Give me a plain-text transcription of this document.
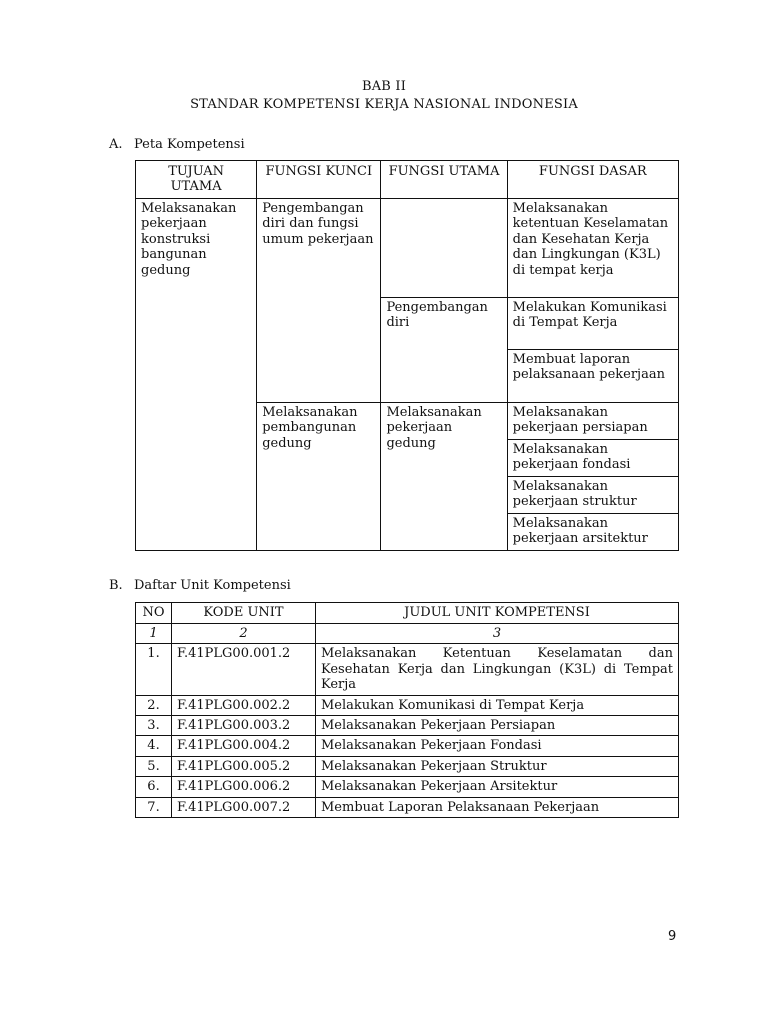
BAB II
STANDAR KOMPETENSI KERJA NASIONAL INDONESIA
A. Peta Kompetensi
TUJUAN UTAMA	FUNGSI KUNCI	FUNGSI UTAMA	FUNGSI DASAR
Melaksanakan pekerjaan konstruksi bangunan gedung	Pengembangan diri dan fungsi umum pekerjaan		Melaksanakan ketentuan Keselamatan dan Kesehatan Kerja dan Lingkungan (K3L) di tempat kerja
		Pengembangan diri	Melakukan Komunikasi di Tempat Kerja
			Membuat laporan pelaksanaan pekerjaan
	Melaksanakan pembangunan gedung	Melaksanakan pekerjaan gedung	Melaksanakan pekerjaan persiapan
			Melaksanakan pekerjaan fondasi
			Melaksanakan pekerjaan struktur
			Melaksanakan pekerjaan arsitektur
B. Daftar Unit Kompetensi
NO	KODE UNIT	JUDUL UNIT KOMPETENSI
1	2	3
1.	F.41PLG00.001.2	Melaksanakan Ketentuan Keselamatan dan Kesehatan Kerja dan Lingkungan (K3L) di Tempat Kerja
2.	F.41PLG00.002.2	Melakukan Komunikasi di Tempat Kerja
3.	F.41PLG00.003.2	Melaksanakan Pekerjaan Persiapan
4.	F.41PLG00.004.2	Melaksanakan Pekerjaan Fondasi
5.	F.41PLG00.005.2	Melaksanakan Pekerjaan Struktur
6.	F.41PLG00.006.2	Melaksanakan Pekerjaan Arsitektur
7.	F.41PLG00.007.2	Membuat Laporan Pelaksanaan Pekerjaan
9
